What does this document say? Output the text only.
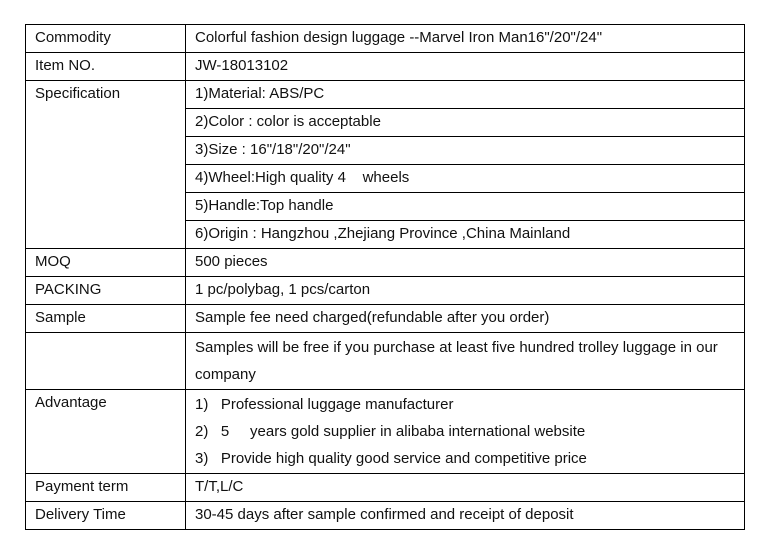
Commodity	Colorful fashion design luggage --Marvel Iron Man16"/20"/24"
Item NO.	JW-18013102
Specification	1)Material: ABS/PC
	2)Color : color is acceptable
	3)Size : 16"/18"/20"/24"
	4)Wheel:High quality 4    wheels
	5)Handle:Top handle
	6)Origin : Hangzhou ,Zhejiang Province ,China Mainland
MOQ	500 pieces
PACKING	1 pc/polybag, 1 pcs/carton
Sample	Sample fee need charged(refundable after you order)
	Samples will be free if you purchase at least five hundred trolley luggage in our company
Advantage	1)   Professional luggage manufacturer
2)   5     years gold supplier in alibaba international website
3)   Provide high quality good service and competitive price

Payment term	T/T,L/C
Delivery Time	30-45 days after sample confirmed and receipt of deposit
